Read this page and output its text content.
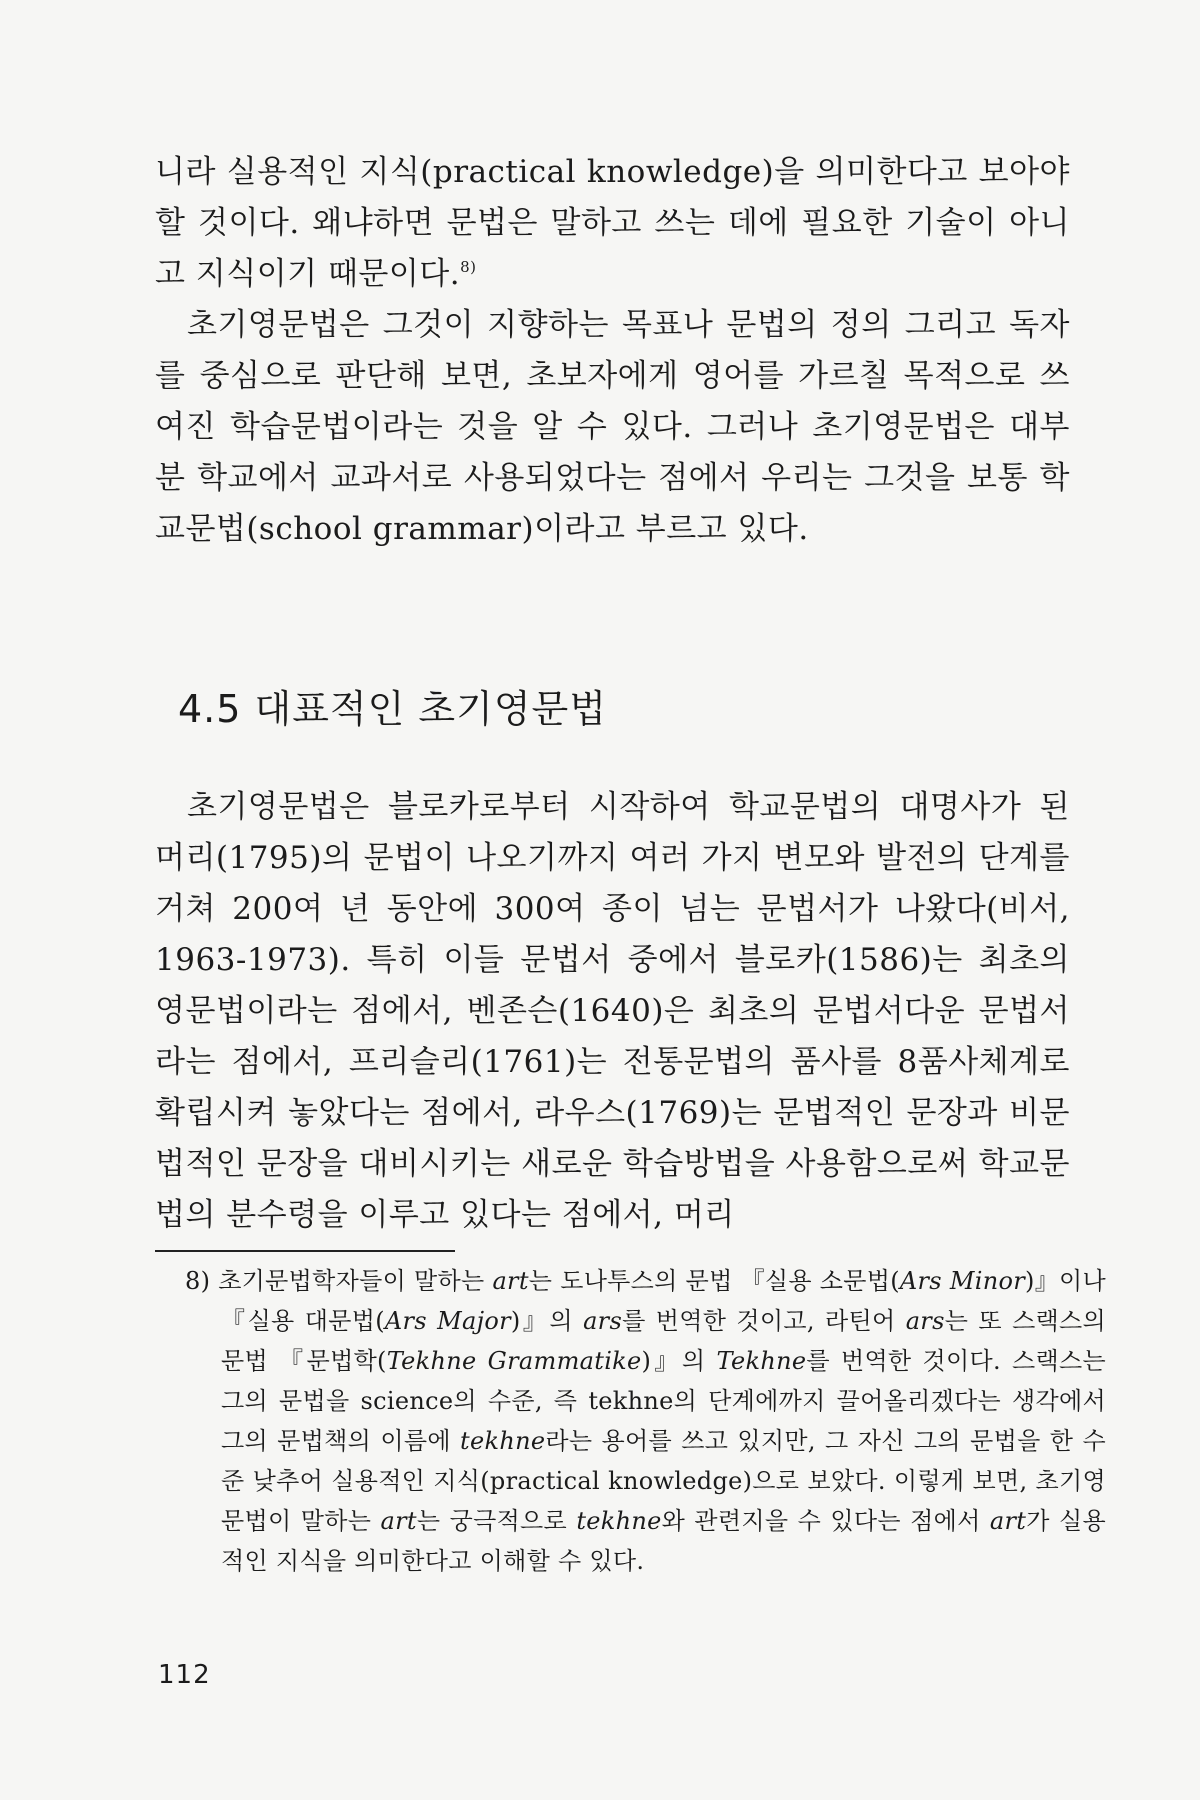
니라 실용적인 지식(practical knowledge)을 의미한다고 보아야 할 것이다. 왜냐하면 문법은 말하고 쓰는 데에 필요한 기술이 아니고 지식이기 때문이다.$^{8)}$

초기영문법은 그것이 지향하는 목표나 문법의 정의 그리고 독자를 중심으로 판단해 보면, 초보자에게 영어를 가르칠 목적으로 쓰여진 학습문법이라는 것을 알 수 있다. 그러나 초기영문법은 대부분 학교에서 교과서로 사용되었다는 점에서 우리는 그것을 보통 학교문법(school grammar)이라고 부르고 있다.

4.5 대표적인 초기영문법

초기영문법은 블로카로부터 시작하여 학교문법의 대명사가 된 머리(1795)의 문법이 나오기까지 여러 가지 변모와 발전의 단계를 거쳐 200여 년 동안에 300여 종이 넘는 문법서가 나왔다(비서, 1963-1973). 특히 이들 문법서 중에서 블로카(1586)는 최초의 영문법이라는 점에서, 벤존슨(1640)은 최초의 문법서다운 문법서라는 점에서, 프리슬리(1761)는 전통문법의 품사를 8품사체계로 확립시켜 놓았다는 점에서, 라우스(1769)는 문법적인 문장과 비문법적인 문장을 대비시키는 새로운 학습방법을 사용함으로써 학교문법의 분수령을 이루고 있다는 점에서, 머리

8) 초기문법학자들이 말하는 art는 도나투스의 문법 『실용 소문법(Ars Minor)』이나 『실용 대문법(Ars Major)』의 ars를 번역한 것이고, 라틴어 ars는 또 스랙스의 문법 『문법학(Tekhne Grammatike)』의 Tekhne를 번역한 것이다. 스랙스는 그의 문법을 science의 수준, 즉 tekhne의 단계에까지 끌어올리겠다는 생각에서 그의 문법책의 이름에 tekhne라는 용어를 쓰고 있지만, 그 자신 그의 문법을 한 수준 낮추어 실용적인 지식(practical knowledge)으로 보았다. 이렇게 보면, 초기영문법이 말하는 art는 궁극적으로 tekhne와 관련지을 수 있다는 점에서 art가 실용적인 지식을 의미한다고 이해할 수 있다.

112
